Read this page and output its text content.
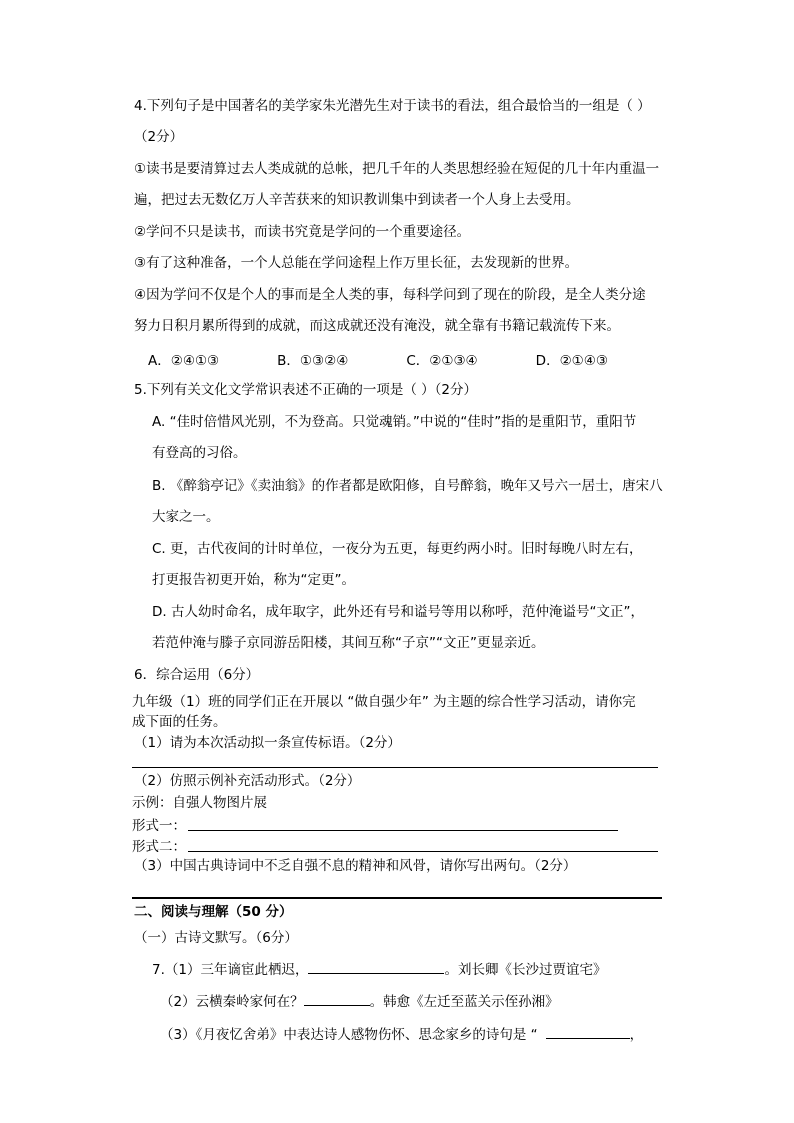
4.下列句子是中国著名的美学家朱光潜先生对于读书的看法，组合最恰当的一组是（ ）
（2分）
①读书是要清算过去人类成就的总帐，把几千年的人类思想经验在短促的几十年内重温一
遍，把过去无数亿万人辛苦获来的知识教训集中到读者一个人身上去受用。
②学问不只是读书，而读书究竟是学问的一个重要途径。
③有了这种准备，一个人总能在学问途程上作万里长征，去发现新的世界。
④因为学问不仅是个人的事而是全人类的事，每科学问到了现在的阶段，是全人类分途
努力日积月累所得到的成就，而这成就还没有淹没，就全靠有书籍记载流传下来。
A．②④①③	B．①③②④	C．②①③④	D．②①④③
5.下列有关文化文学常识表述不正确的一项是（ ）（2分）
A. “佳时倍惜风光别，不为登高。只觉魂销。”中说的“佳时”指的是重阳节，重阳节
有登高的习俗。
B. 《醉翁亭记》《卖油翁》的作者都是欧阳修，自号醉翁，晚年又号六一居士，唐宋八
大家之一。
C. 更，古代夜间的计时单位，一夜分为五更，每更约两小时。旧时每晚八时左右，
打更报告初更开始，称为“定更”。
D. 古人幼时命名，成年取字，此外还有号和谥号等用以称呼，范仲淹谥号“文正”，
若范仲淹与滕子京同游岳阳楼，其间互称“子京”“文正”更显亲近。
6．综合运用（6分）
九年级（1）班的同学们正在开展以 “做自强少年” 为主题的综合性学习活动，请你完
成下面的任务。
（1）请为本次活动拟一条宣传标语。（2分）
（2）仿照示例补充活动形式。（2分）
示例：自强人物图片展
形式一：
形式二：
（3）中国古典诗词中不乏自强不息的精神和风骨，请你写出两句。（2分）
二、阅读与理解（50 分）
（一）古诗文默写。（6分）
7.（1）三年谪宦此栖迟，	。刘长卿《长沙过贾谊宅》
（2）云横秦岭家何在？	。韩愈《左迁至蓝关示侄孙湘》
（3）《月夜忆舍弟》中表达诗人感物伤怀、思念家乡的诗句是 “	，
